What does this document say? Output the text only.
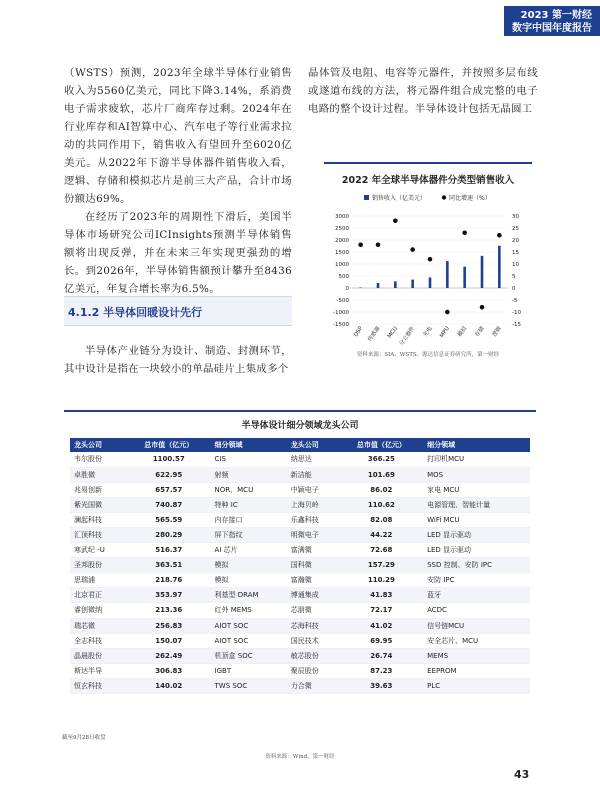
2023 第一财经
数字中国年度报告

（WSTS）预测，2023年全球半导体行业销售收入为5560亿美元，同比下降3.14%，系消费电子需求疲软，芯片厂商库存过剩。2024年在行业库存和AI智算中心、汽车电子等行业需求拉动的共同作用下，销售收入有望回升至6020亿美元。从2022年下游半导体器件销售收入看，逻辑、存储和模拟芯片是前三大产品，合计市场份额达69%。

在经历了2023年的周期性下滑后，美国半导体市场研究公司ICInsights预测半导体销售额将出现反弹，并在未来三年实现更强劲的增长。到2026年，半导体销售额预计攀升至8436亿美元，年复合增长率为6.5%。

晶体管及电阻、电容等元器件，并按照多层布线或遂道布线的方法，将元器件组合成完整的电子电路的整个设计过程。半导体设计包括无晶圆工

4.1.2 半导体回暖设计先行

半导体产业链分为设计、制造、封测环节，其中设计是指在一块较小的单晶硅片上集成多个

2022 年全球半导体器件分类型销售收入
销售收入（亿美元）	同比增速（%）
3000
2500
2000
1500
1000
500
0
-500
-1000
-1500
30
25
20
15
10
5
0
-5
-10
-15
DSP 传感器 MCU 分立器件 光电 MPU 模拟 存储 逻辑
资料来源：SIA、WSTS、源达信息证券研究所，第一财经
半导体设计细分领域龙头公司
龙头公司	总市值（亿元）	细分领域	龙头公司	总市值（亿元）	细分领域
韦尔股份	1100.57	CIS	纳思达	366.25	打印机MCU
卓胜微	622.95	射频	新洁能	101.69	MOS
兆易创新	657.57	NOR、MCU	中颖电子	86.02	家电 MCU
紫光国微	740.87	特种 IC	上海贝岭	110.62	电源管理、智能计量
澜起科技	565.59	内存接口	乐鑫科技	82.08	WiFi MCU
汇顶科技	280.29	屏下指纹	明微电子	44.22	LED 显示驱动
寒武纪 -U	516.37	AI 芯片	富满微	72.68	LED 显示驱动
圣邦股份	363.51	模拟	国科微	157.29	SSD 控制、安防 IPC
思瑞浦	218.76	模拟	富瀚微	110.29	安防 IPC
北京君正	353.97	利基型 DRAM	博通集成	41.83	蓝牙
睿创微纳	213.36	红外 MEMS	芯朋微	72.17	ACDC
瑞芯微	256.83	AIOT SOC	芯海科技	41.02	信号链MCU
全志科技	150.07	AIOT SOC	国民技术	69.95	安全芯片、MCU
晶晨股份	262.49	机顶盒 SOC	敏芯股份	26.74	MEMS
斯达半导	306.83	IGBT	聚辰股份	87.23	EEPROM
恒玄科技	140.02	TWS SOC	力合微	39.63	PLC
截至9月28日收盘
资料来源：Wind，第一财经
43
